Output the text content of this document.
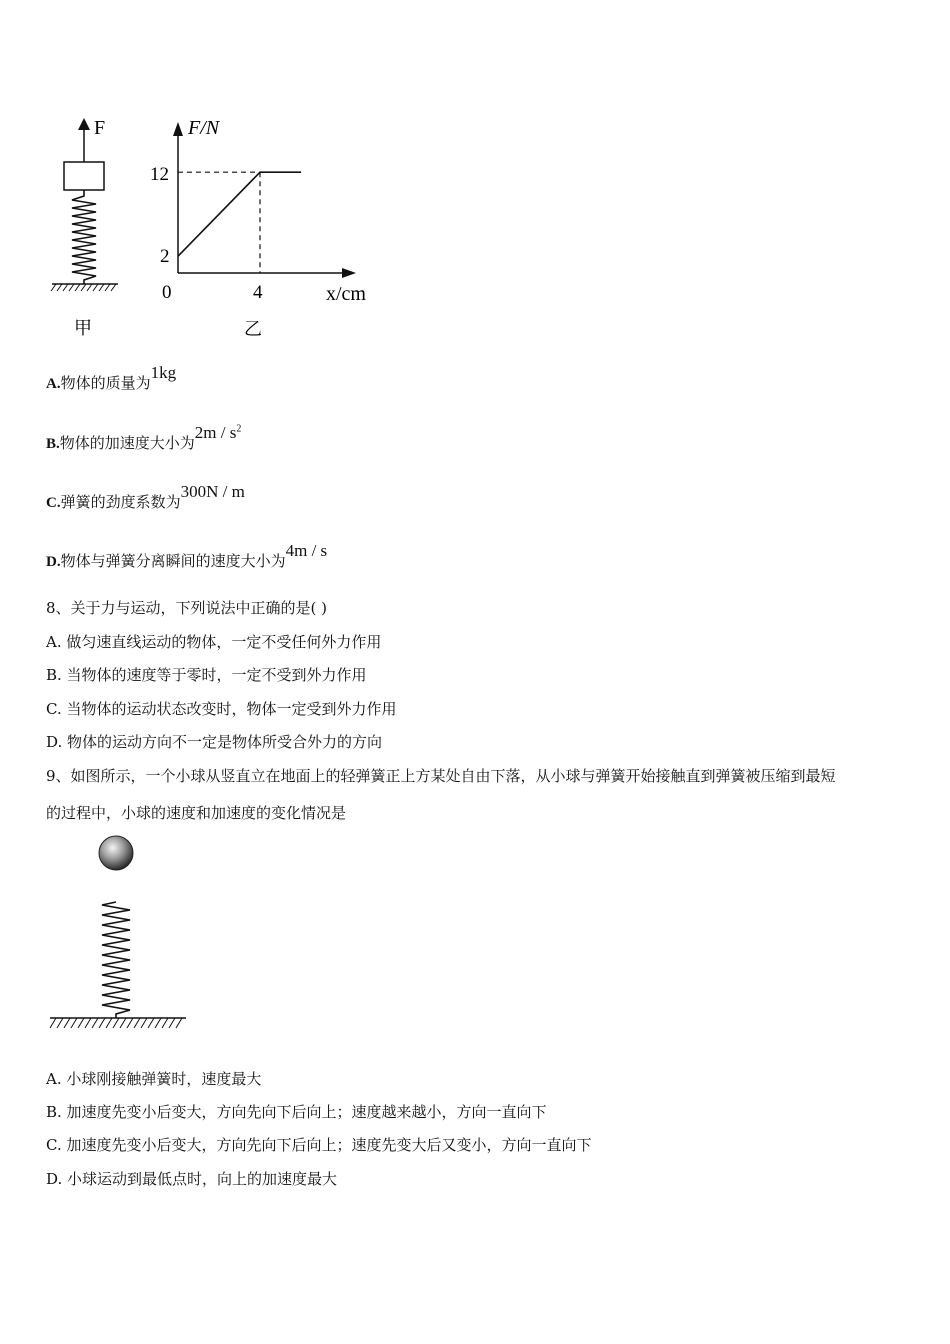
F
甲
F/N
x/cm
12
2
0	4
乙
A.物体的质量为1kg
B.物体的加速度大小为$2m / s^2$
C.弹簧的劲度系数为300N / m
D.物体与弹簧分离瞬间的速度大小为4m / s
8、关于力与运动，下列说法中正确的是( )
A. 做匀速直线运动的物体，一定不受任何外力作用
B. 当物体的速度等于零时，一定不受到外力作用
C. 当物体的运动状态改变时，物体一定受到外力作用
D. 物体的运动方向不一定是物体所受合外力的方向
9、如图所示，一个小球从竖直立在地面上的轻弹簧正上方某处自由下落，从小球与弹簧开始接触直到弹簧被压缩到最短
的过程中，小球的速度和加速度的变化情况是
A. 小球刚接触弹簧时，速度最大
B. 加速度先变小后变大，方向先向下后向上；速度越来越小，方向一直向下
C. 加速度先变小后变大，方向先向下后向上；速度先变大后又变小，方向一直向下
D. 小球运动到最低点时，向上的加速度最大
